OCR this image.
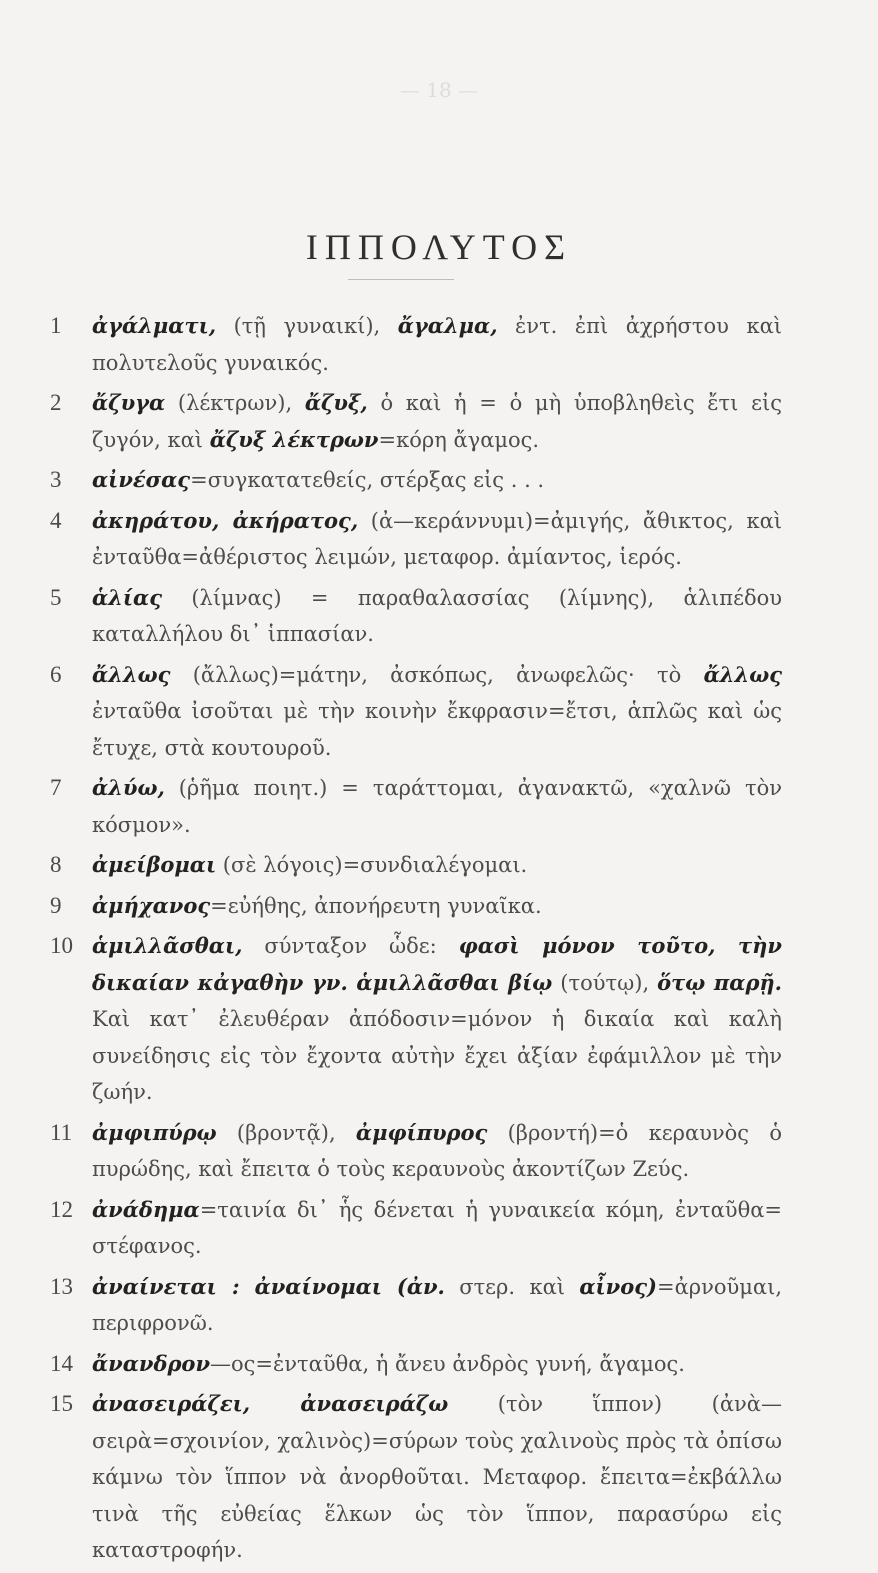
— 18 —
ΙΠΠΟΛΥΤΟΣ
1	ἀγάλματι, (τῇ γυναικί), ἄγαλμα, ἐντ. ἐπὶ ἀχρήστου καὶ πολυτελοῦς γυναικός.
2	ἄζυγα (λέκτρων), ἄζυξ, ὁ καὶ ἡ = ὁ μὴ ὑποβληθεὶς ἔτι εἰς ζυγόν, καὶ ἄζυξ λέκτρων=κόρη ἄγαμος.
3	αἰνέσας=συγκατατεθείς, στέρξας εἰς . . .
4	ἀκηράτου, ἀκήρατος, (ἀ—κεράννυμι)=ἀμιγής, ἄθικτος, καὶ ἐνταῦθα=ἀθέριστος λειμών, μεταφορ. ἀμίαντος, ἱερός.
5	ἁλίας (λίμνας) = παραθαλασσίας (λίμνης), ἁλιπέδου καταλλήλου δι᾽ ἱππασίαν.
6	ἄλλως (ἄλλως)=μάτην, ἀσκόπως, ἀνωφελῶς· τὸ ἄλλως ἐνταῦθα ἰσοῦται μὲ τὴν κοινὴν ἔκφρασιν=ἔτσι, ἁπλῶς καὶ ὡς ἔτυχε, στὰ κουτουροῦ.
7	ἀλύω, (ῥῆμα ποιητ.) = ταράττομαι, ἀγανακτῶ, «χαλνῶ τὸν κόσμον».
8	ἀμείβομαι (σὲ λόγοις)=συνδιαλέγομαι.
9	ἀμήχανος=εὐήθης, ἀπονήρευτη γυναῖκα.
10 ἁμιλλᾶσθαι, σύνταξον ὧδε: φασὶ μόνον τοῦτο, τὴν δικαίαν κἀγαθὴν γν. ἁμιλλᾶσθαι βίῳ (τούτῳ), ὅτῳ παρῇ. Καὶ κατ᾽ ἐλευθέραν ἀπόδοσιν=μόνον ἡ δικαία καὶ καλὴ συνείδησις εἰς τὸν ἔχοντα αὐτὴν ἔχει ἀξίαν ἐφάμιλλον μὲ τὴν ζωήν.
11 ἀμφιπύρῳ (βροντᾷ), ἀμφίπυρος (βροντή)=ὁ κεραυνὸς ὁ πυρώδης, καὶ ἔπειτα ὁ τοὺς κεραυνοὺς ἀκοντίζων Ζεύς.
12 ἀνάδημα=ταινία δι᾽ ἧς δένεται ἡ γυναικεία κόμη, ἐνταῦθα= στέφανος.
13 ἀναίνεται : ἀναίνομαι (ἀν. στερ. καὶ αἶνος)=ἀρνοῦμαι, περιφρονῶ.
14 ἄνανδρον—ος=ἐνταῦθα, ἡ ἄνευ ἀνδρὸς γυνή, ἄγαμος.
15 ἀνασειράζει, ἀνασειράζω (τὸν ἵππον) (ἀνὰ—σειρὰ=σχοινίον, χαλινὸς)=σύρων τοὺς χαλινοὺς πρὸς τὰ ὀπίσω κάμνω τὸν ἵππον νὰ ἀνορθοῦται. Μεταφορ. ἔπειτα=ἐκβάλλω τινὰ τῆς εὐθείας ἕλκων ὡς τὸν ἵππον, παρασύρω εἰς καταστροφήν.
